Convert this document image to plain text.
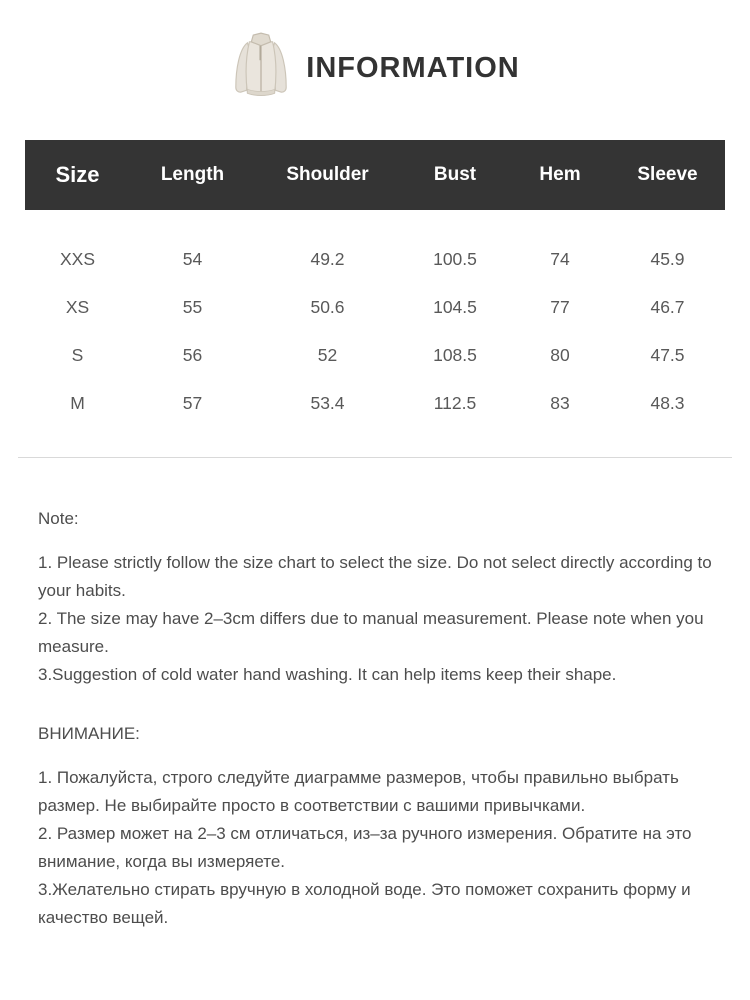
INFORMATION
Size	Length	Shoulder	Bust	Hem	Sleeve

XXS	54	49.2	100.5	74	45.9
XS	55	50.6	104.5	77	46.7
S	56	52	108.5	80	47.5
M	57	53.4	112.5	83	48.3

Note:

1. Please strictly follow the size chart to select the size. Do not select directly according to your habits.

2. The size may have 2–3cm differs due to manual measurement. Please note when you measure.

3.Suggestion of cold water hand washing. It can help items keep their shape.

ВНИМАНИЕ:

1. Пожалуйста, строго следуйте диаграмме размеров, чтобы правильно выбрать размер. Не выбирайте просто в соответствии с вашими привычками.

2. Размер может на 2–3 см отличаться, из–за ручного измерения. Обратите на это внимание, когда вы измеряете.

3.Желательно стирать вручную в холодной воде. Это поможет сохранить форму и качество вещей.
